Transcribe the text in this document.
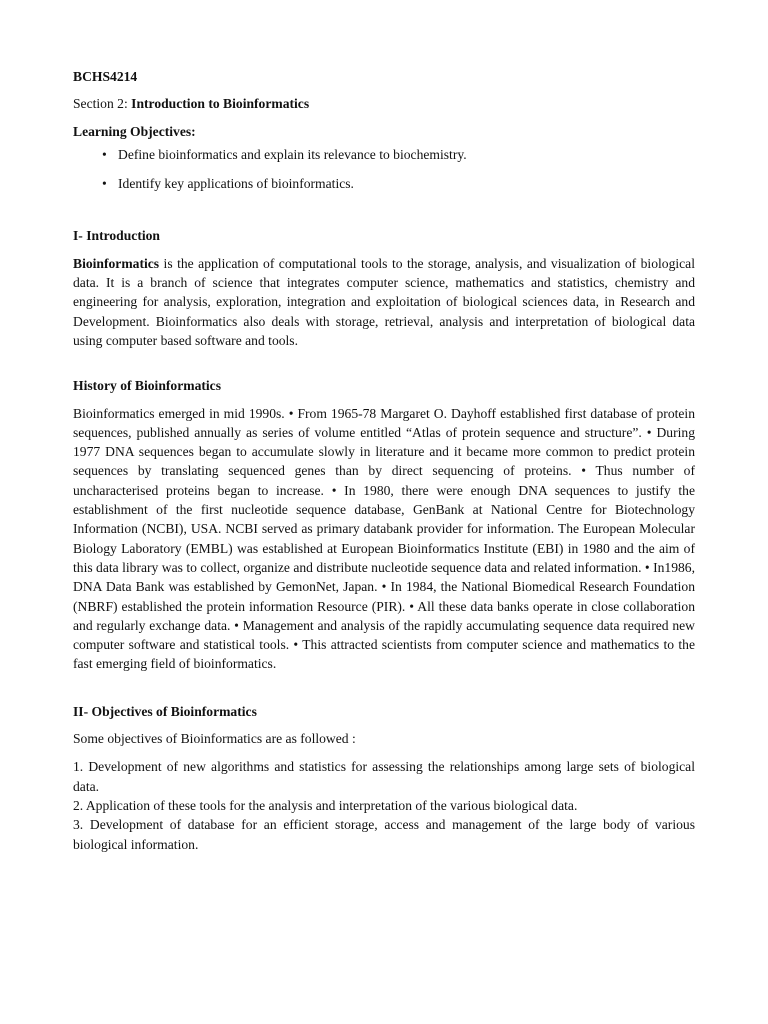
BCHS4214

Section 2: Introduction to Bioinformatics

Learning Objectives:

• Define bioinformatics and explain its relevance to biochemistry.
• Identify key applications of bioinformatics.

I- Introduction

Bioinformatics is the application of computational tools to the storage, analysis, and visualization of biological data. It is a branch of science that integrates computer science, mathematics and statistics, chemistry and engineering for analysis, exploration, integration and exploitation of biological sciences data, in Research and Development. Bioinformatics also deals with storage, retrieval, analysis and interpretation of biological data using computer based software and tools.

History of Bioinformatics

Bioinformatics emerged in mid 1990s. • From 1965-78 Margaret O. Dayhoff established first database of protein sequences, published annually as series of volume entitled “Atlas of protein sequence and structure”. • During 1977 DNA sequences began to accumulate slowly in literature and it became more common to predict protein sequences by translating sequenced genes than by direct sequencing of proteins. • Thus number of uncharacterised proteins began to increase. • In 1980, there were enough DNA sequences to justify the establishment of the first nucleotide sequence database, GenBank at National Centre for Biotechnology Information (NCBI), USA. NCBI served as primary databank provider for information. The European Molecular Biology Laboratory (EMBL) was established at European Bioinformatics Institute (EBI) in 1980 and the aim of this data library was to collect, organize and distribute nucleotide sequence data and related information. • In1986, DNA Data Bank was established by GemonNet, Japan. • In 1984, the National Biomedical Research Foundation (NBRF) established the protein information Resource (PIR). • All these data banks operate in close collaboration and regularly exchange data. • Management and analysis of the rapidly accumulating sequence data required new computer software and statistical tools. • This attracted scientists from computer science and mathematics to the fast emerging field of bioinformatics.

II- Objectives of Bioinformatics

Some objectives of Bioinformatics are as followed :

1. Development of new algorithms and statistics for assessing the relationships among large sets of biological data.

2. Application of these tools for the analysis and interpretation of the various biological data.

3. Development of database for an efficient storage, access and management of the large body of various biological information.
